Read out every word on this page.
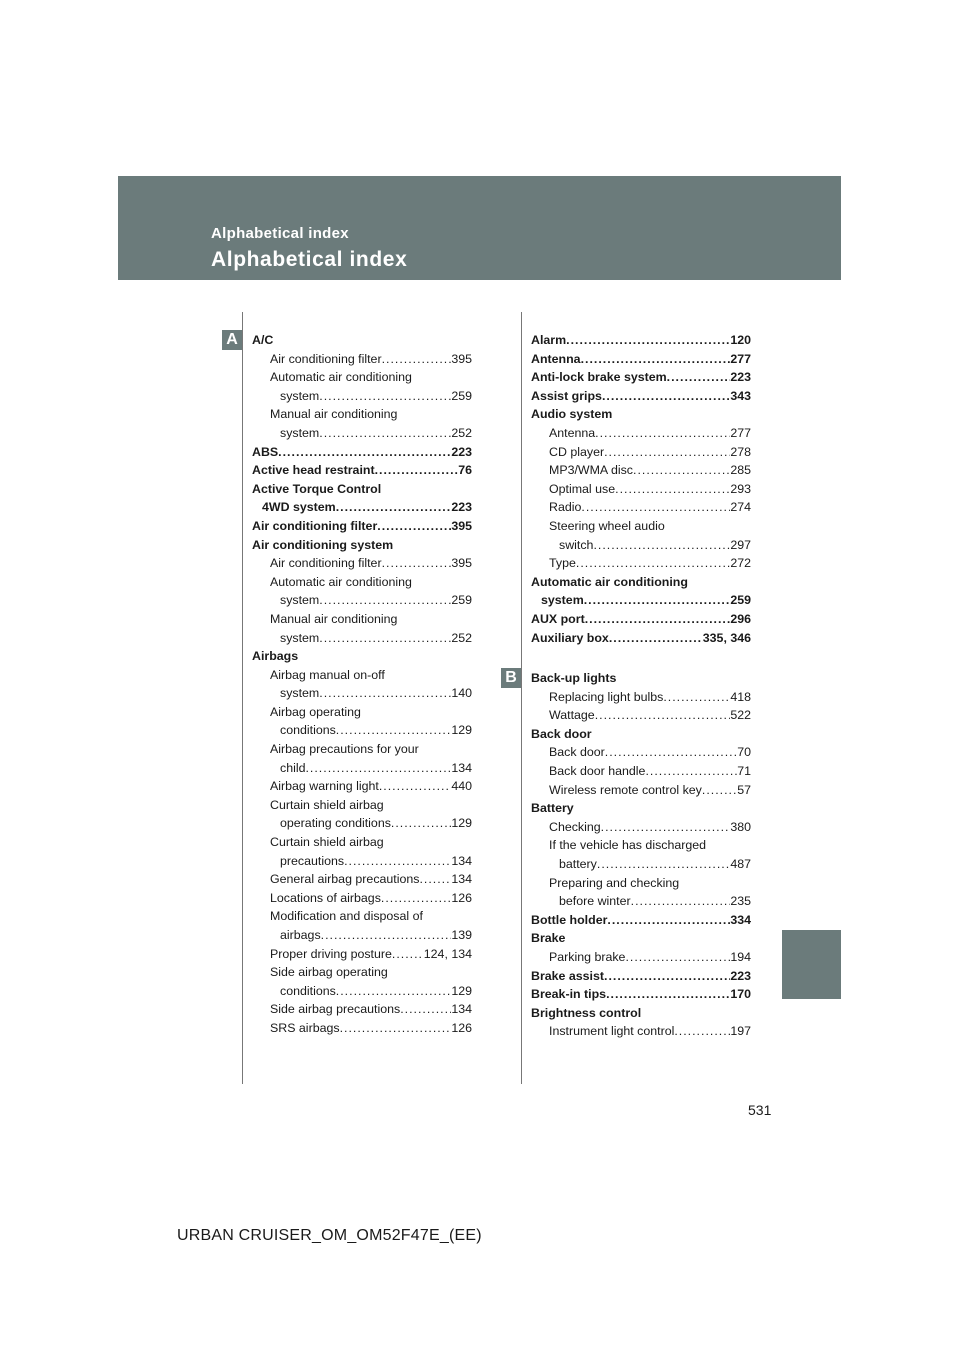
Alphabetical index
Alphabetical index
A
B
A/C
Air conditioning filter .....	395
Automatic air conditioning
system .....	259
Manual air conditioning
system .....	252
ABS .....	223
Active head restraint .....	76
Active Torque Control
4WD system .....	223
Air conditioning filter .....	395
Air conditioning system
Air conditioning filter .....	395
Automatic air conditioning
system .....	259
Manual air conditioning
system .....	252
Airbags
Airbag manual on-off
system .....	140
Airbag operating
conditions .....	129
Airbag precautions for your
child .....	134
Airbag warning light .....	440
Curtain shield airbag
operating conditions .....	129
Curtain shield airbag
precautions .....	134
General airbag precautions .....	134
Locations of airbags .....	126
Modification and disposal of
airbags .....	139
Proper driving posture .....	124, 134
Side airbag operating
conditions .....	129
Side airbag precautions .....	134
SRS airbags .....	126
Alarm .....	120
Antenna .....	277
Anti-lock brake system .....	223
Assist grips .....	343
Audio system
Antenna .....	277
CD player .....	278
MP3/WMA disc .....	285
Optimal use .....	293
Radio .....	274
Steering wheel audio
switch .....	297
Type .....	272
Automatic air conditioning
system .....	259
AUX port .....	296
Auxiliary box .....	335, 346
Back-up lights
Replacing light bulbs .....	418
Wattage .....	522
Back door
Back door .....	70
Back door handle .....	71
Wireless remote control key .....	57
Battery
Checking .....	380
If the vehicle has discharged
battery .....	487
Preparing and checking
before winter .....	235
Bottle holder .....	334
Brake
Parking brake .....	194
Brake assist .....	223
Break-in tips .....	170
Brightness control
Instrument light control .....	197
531
URBAN CRUISER_OM_OM52F47E_(EE)
